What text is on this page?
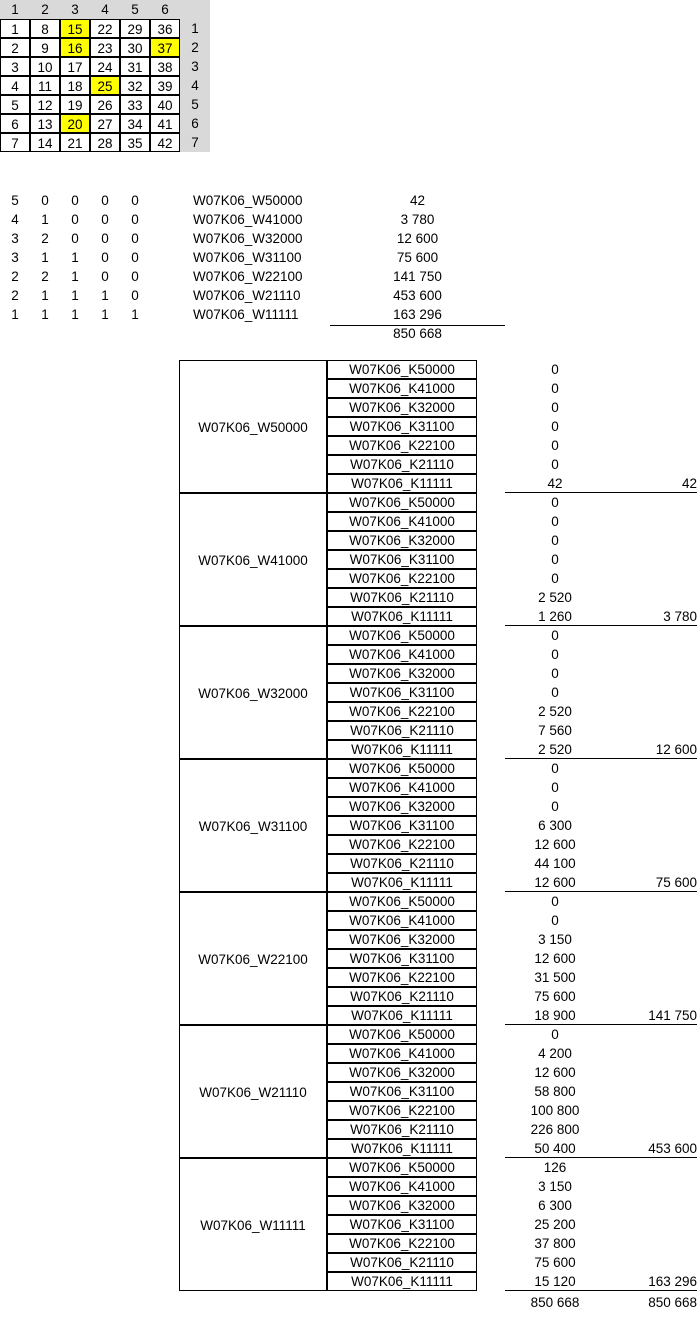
1	2	3	4	5	6
1	8	15	22	29	36	1
2	9	16	23	30	37	2
3	10	17	24	31	38	3
4	11	18	25	32	39	4
5	12	19	26	33	40	5
6	13	20	27	34	41	6
7	14	21	28	35	42	7
5 0 0 0 0	W07K06_W50000	42
4 1 0 0 0	W07K06_W41000	3 780
3 2 0 0 0	W07K06_W32000	12 600
3 1 1 0 0	W07K06_W31100	75 600
2 2 1 0 0	W07K06_W22100	141 750
2 1 1 1 0	W07K06_W21110	453 600
1 1 1 1 1	W07K06_W11111	163 296
850 668
W07K06_W50000
W07K06_K50000	0
W07K06_K41000	0
W07K06_K32000	0
W07K06_K31100	0
W07K06_K22100	0
W07K06_K21110	0
W07K06_K11111	42	42
W07K06_W41000
W07K06_K50000	0
W07K06_K41000	0
W07K06_K32000	0
W07K06_K31100	0
W07K06_K22100	0
W07K06_K21110	2 520
W07K06_K11111	1 260	3 780
W07K06_W32000
W07K06_K50000	0
W07K06_K41000	0
W07K06_K32000	0
W07K06_K31100	0
W07K06_K22100	2 520
W07K06_K21110	7 560
W07K06_K11111	2 520	12 600
W07K06_W31100
W07K06_K50000	0
W07K06_K41000	0
W07K06_K32000	0
W07K06_K31100	6 300
W07K06_K22100	12 600
W07K06_K21110	44 100
W07K06_K11111	12 600	75 600
W07K06_W22100
W07K06_K50000	0
W07K06_K41000	0
W07K06_K32000	3 150
W07K06_K31100	12 600
W07K06_K22100	31 500
W07K06_K21110	75 600
W07K06_K11111	18 900	141 750
W07K06_W21110
W07K06_K50000	0
W07K06_K41000	4 200
W07K06_K32000	12 600
W07K06_K31100	58 800
W07K06_K22100	100 800
W07K06_K21110	226 800
W07K06_K11111	50 400	453 600
W07K06_W11111
W07K06_K50000	126
W07K06_K41000	3 150
W07K06_K32000	6 300
W07K06_K31100	25 200
W07K06_K22100	37 800
W07K06_K21110	75 600
W07K06_K11111	15 120	163 296
850 668	850 668
